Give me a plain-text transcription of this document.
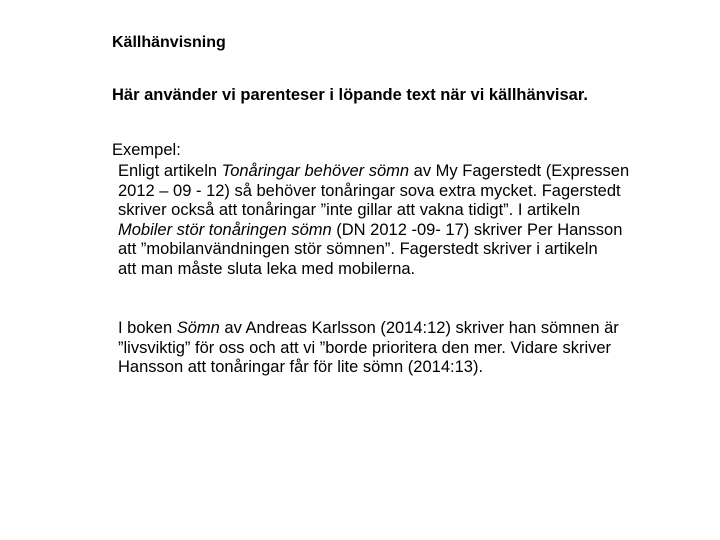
Källhänvisning

Här använder vi parenteser i löpande text när vi källhänvisar.

Exempel:

Enligt artikeln Tonåringar behöver sömn av My Fagerstedt (Expressen
2012 – 09 - 12) så behöver tonåringar sova extra mycket. Fagerstedt
skriver också att tonåringar ”inte gillar att vakna tidigt”. I artikeln
Mobiler stör tonåringen sömn (DN 2012 -09- 17) skriver Per Hansson
att ”mobilanvändningen stör sömnen”. Fagerstedt skriver i artikeln
att man måste sluta leka med mobilerna.

I boken Sömn av Andreas Karlsson (2014:12) skriver han sömnen är
”livsviktig” för oss och att vi ”borde prioritera den mer. Vidare skriver
Hansson att tonåringar får för lite sömn (2014:13).
